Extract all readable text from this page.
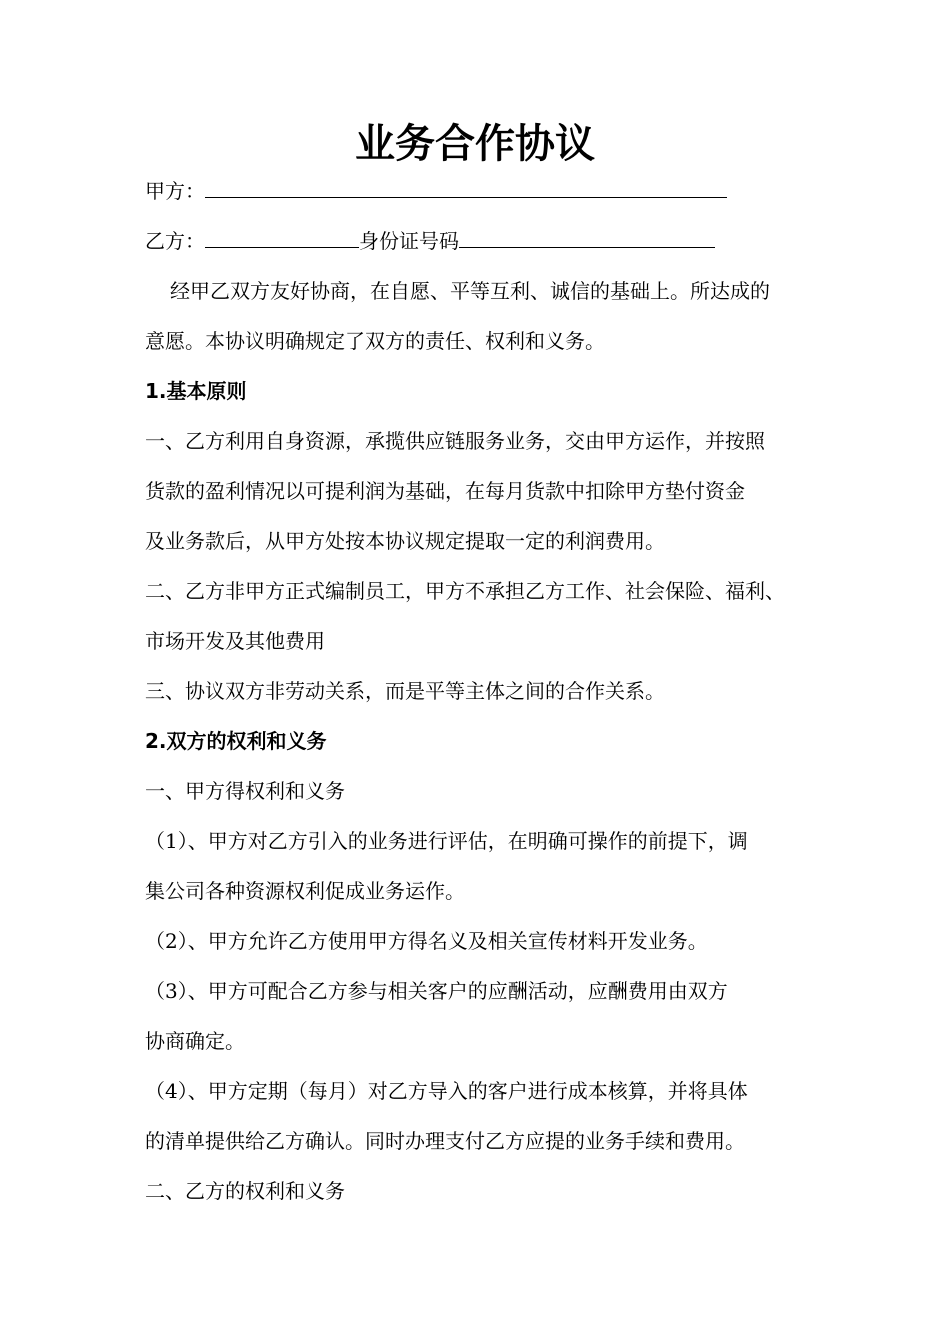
业务合作协议
甲方：
乙方：	身份证号码
经甲乙双方友好协商，在自愿、平等互利、诚信的基础上。所达成的
意愿。本协议明确规定了双方的责任、权利和义务。
1.基本原则
一、乙方利用自身资源，承揽供应链服务业务，交由甲方运作，并按照
货款的盈利情况以可提利润为基础，在每月货款中扣除甲方垫付资金
及业务款后，从甲方处按本协议规定提取一定的利润费用。
二、乙方非甲方正式编制员工，甲方不承担乙方工作、社会保险、福利、
市场开发及其他费用
三、协议双方非劳动关系，而是平等主体之间的合作关系。
2.双方的权利和义务
一、甲方得权利和义务
（1）、甲方对乙方引入的业务进行评估，在明确可操作的前提下，调
集公司各种资源权利促成业务运作。
（2）、甲方允许乙方使用甲方得名义及相关宣传材料开发业务。
（3）、甲方可配合乙方参与相关客户的应酬活动，应酬费用由双方
协商确定。
（4）、甲方定期（每月）对乙方导入的客户进行成本核算，并将具体
的清单提供给乙方确认。同时办理支付乙方应提的业务手续和费用。
二、乙方的权利和义务
